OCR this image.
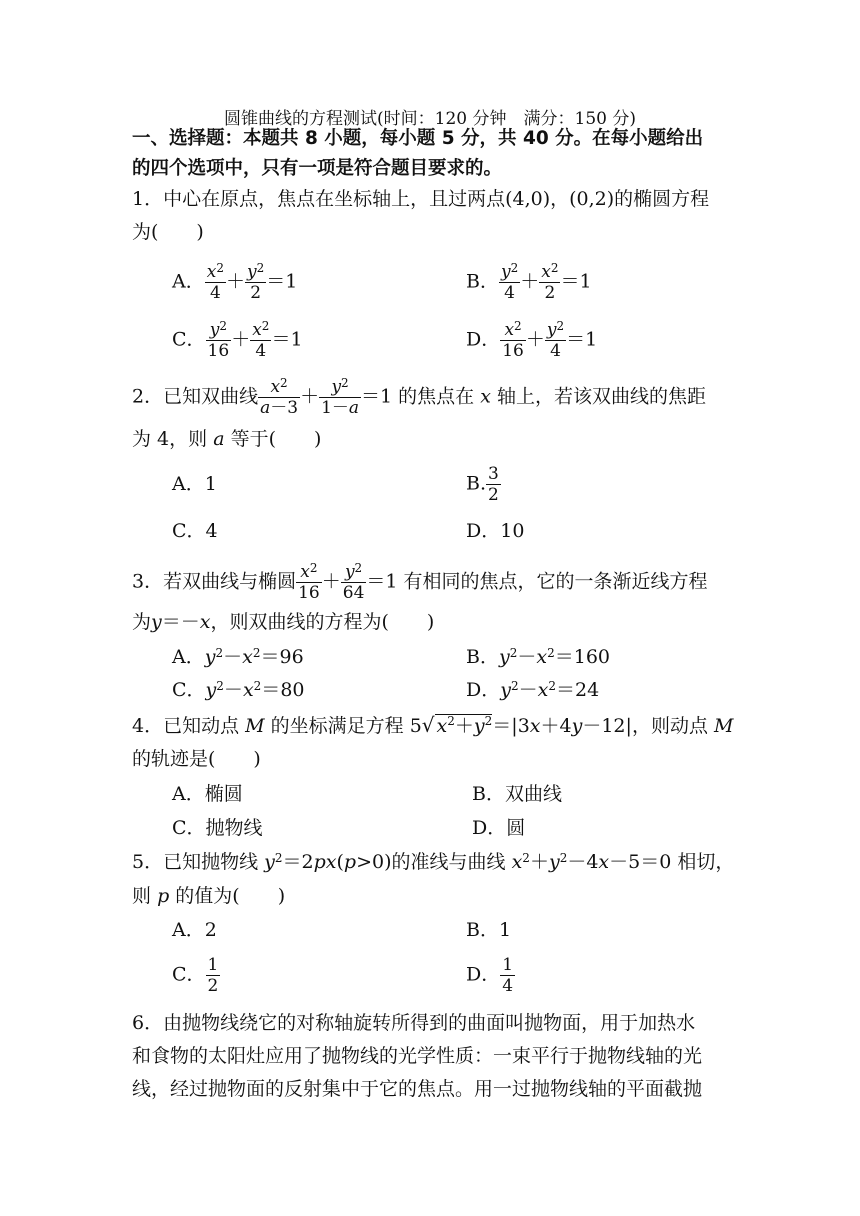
圆锥曲线的方程测试(时间：120 分钟　满分：150 分)
一、选择题：本题共 8 小题，每小题 5 分，共 40 分。在每小题给出
的四个选项中，只有一项是符合题目要求的。
1．中心在原点，焦点在坐标轴上，且过两点(4,0)，(0,2)的椭圆方程
为(　　)
A． $\frac{x^2}{4} + \frac{y^2}{2} =1$	B． $\frac{y^2}{4} + \frac{x^2}{2} =1$
C． $\frac{y^2}{16} + \frac{x^2}{4} =1$	D． $\frac{x^2}{16} + \frac{y^2}{4} =1$
2．已知双曲线 $\frac{x^2}{a-3} + \frac{y^2}{1-a} =1$ 的焦点在 x 轴上，若该双曲线的焦距
为 4，则 a 等于(　　)
A．1	B. $\frac{3}{2}$
C．4	D．10
3．若双曲线与椭圆 $\frac{x^2}{16} + \frac{y^2}{64} =1$ 有相同的焦点，它的一条渐近线方程
为y＝－x，则双曲线的方程为(　　)
A．$y^2-x^2=96$	B．$y^2-x^2=160$
C．$y^2-x^2=80$	D．$y^2-x^2=24$
4．已知动点 M 的坐标满足方程 5√ $x^2+y^2=|3x+4y-12|$，则动点 M
的轨迹是(　　)
A．椭圆	B．双曲线
C．抛物线	D．圆
5．已知抛物线 $y^2=2px(p>0)$的准线与曲线 $x^2+y^2-4x-5=0$ 相切，
则 p 的值为(　　)
A．2	B．1
C． $\frac{1}{2}$	D． $\frac{1}{4}$
6．由抛物线绕它的对称轴旋转所得到的曲面叫抛物面，用于加热水
和食物的太阳灶应用了抛物线的光学性质：一束平行于抛物线轴的光
线，经过抛物面的反射集中于它的焦点。用一过抛物线轴的平面截抛
